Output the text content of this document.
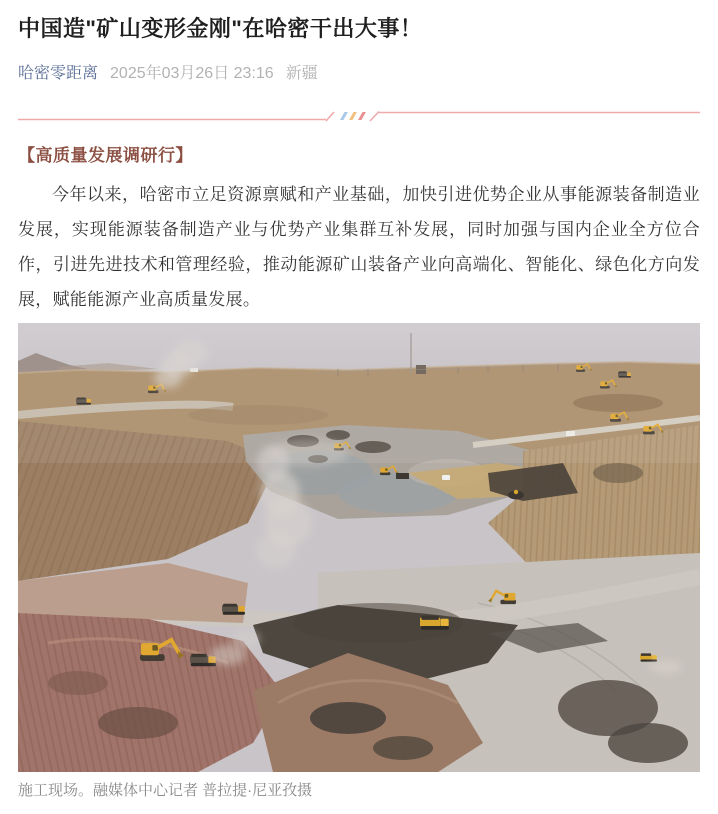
中国造"矿山变形金刚"在哈密干出大事！
哈密零距离 2025年03月26日 23:16 新疆
【高质量发展调研行】

今年以来，哈密市立足资源禀赋和产业基础，加快引进优势企业从事能源装备制造业发展，实现能源装备制造产业与优势产业集群互补发展，同时加强与国内企业全方位合作，引进先进技术和管理经验，推动能源矿山装备产业向高端化、智能化、绿色化方向发展，赋能能源产业高质量发展。

施工现场。融媒体中心记者 普拉提·尼亚孜摄
